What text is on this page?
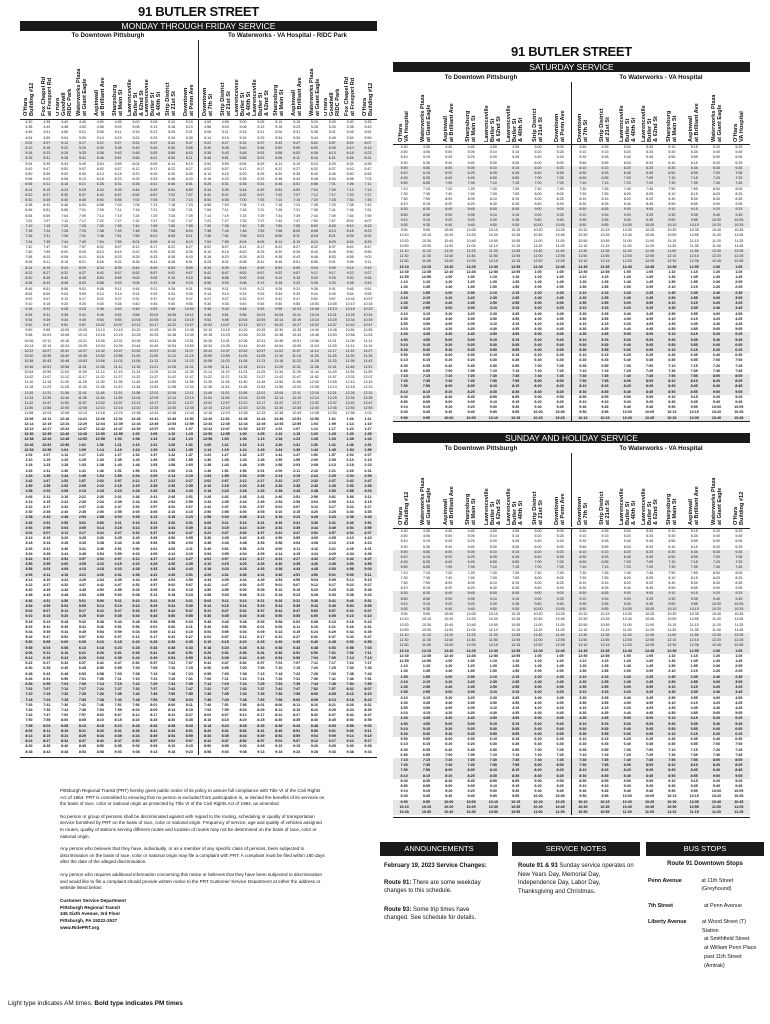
91 BUTLER STREET
MONDAY THROUGH FRIDAY SERVICE
To Downtown Pittsburgh	To Waterworks - VA Hospital - RIDC Park
O'Hara
Building #12
Fox Chapel Rd
at Freeport Rd
O'Hara
Goodwill
RIDC Park Waterworks Plaza
at Giant Eagle
Aspinwall
at Brilliant Ave
Sharpsburg
at Main St Lawrenceville
Butler St
& 62nd St Lawrenceville
Butler St
& 40th St
Strip District
at 21st St Downtown
at Penn Ave Downtown
at 7th St
Strip District
at 21st St Lawrenceville
Butler St
& 40th St Lawrenceville
Butler St
& 62nd St Sharpsburg
at Main St Aspinwall
at Brilliant Ave
Waterworks Plaza
at Giant Eagle
O'Hara
Goodwill
RIDC Park
Fox Chapel Rd
at Freeport Rd
O'Hara
Building #12
4:30	4:35	4:40	4:45	4:50	4:55	5:00	5:05	5:10	5:15	4:50	4:55	5:00	5:05	5:10	5:15	5:20	5:25	5:30	5:35
4:38	4:43	4:48	4:53	4:58	5:03	5:08	5:13	5:18	5:23	4:58	5:03	5:08	5:13	5:18	5:23	5:28	5:33	5:38	5:43
4:46	4:51	4:56	5:01	5:06	5:11	5:16	5:21	5:26	5:31	5:06	5:11	5:16	5:21	5:26	5:31	5:36	5:41	5:46	5:51
4:54	4:59	5:04	5:09	5:14	5:19	5:24	5:29	5:34	5:39	5:14	5:19	5:24	5:29	5:34	5:39	5:44	5:49	5:54	5:59
5:02	5:07	5:12	5:17	5:22	5:27	5:32	5:37	5:42	5:47	5:22	5:27	5:32	5:37	5:42	5:47	5:52	5:57	6:02	6:07
5:10	5:15	5:20	5:25	5:30	5:35	5:40	5:45	5:50	5:55	5:30	5:35	5:40	5:45	5:50	5:55	6:00	6:05	6:10	6:15
5:18	5:23	5:28	5:33	5:38	5:43	5:48	5:53	5:58	6:03	5:38	5:43	5:48	5:53	5:58	6:03	6:08	6:13	6:18	6:23
5:26	5:31	5:36	5:41	5:46	5:51	5:56	6:01	6:06	6:11	5:46	5:51	5:56	6:01	6:06	6:11	6:16	6:21	6:26	6:31
5:34	5:39	5:44	5:49	5:54	5:59	6:04	6:09	6:14	6:19	5:54	5:59	6:04	6:09	6:14	6:19	6:24	6:29	6:34	6:39
5:42	5:47	5:52	5:57	6:02	6:07	6:12	6:17	6:22	6:27	6:02	6:07	6:12	6:17	6:22	6:27	6:32	6:37	6:42	6:47
5:50	5:55	6:00	6:05	6:10	6:15	6:20	6:25	6:30	6:35	6:10	6:15	6:20	6:25	6:30	6:35	6:40	6:45	6:50	6:55
5:58	6:03	6:08	6:13	6:18	6:23	6:28	6:33	6:38	6:43	6:18	6:23	6:28	6:33	6:38	6:43	6:48	6:53	6:58	7:03
6:06	6:11	6:16	6:21	6:26	6:31	6:36	6:41	6:46	6:51	6:26	6:31	6:36	6:41	6:46	6:51	6:56	7:01	7:06	7:11
6:14	6:19	6:24	6:29	6:34	6:39	6:44	6:49	6:54	6:59	6:34	6:39	6:44	6:49	6:54	6:59	7:04	7:09	7:14	7:19
6:22	6:27	6:32	6:37	6:42	6:47	6:52	6:57	7:02	7:07	6:42	6:47	6:52	6:57	7:02	7:07	7:12	7:17	7:22	7:27
6:30	6:35	6:40	6:45	6:50	6:55	7:00	7:05	7:10	7:15	6:50	6:55	7:00	7:05	7:10	7:15	7:20	7:25	7:30	7:35
6:38	6:43	6:48	6:53	6:58	7:03	7:08	7:13	7:18	7:23	6:58	7:03	7:08	7:13	7:18	7:23	7:28	7:33	7:38	7:43
6:46	6:51	6:56	7:01	7:06	7:11	7:16	7:21	7:26	7:31	7:06	7:11	7:16	7:21	7:26	7:31	7:36	7:41	7:46	7:51
6:54	6:59	7:04	7:09	7:14	7:19	7:24	7:29	7:34	7:39	7:14	7:19	7:24	7:29	7:34	7:39	7:44	7:49	7:54	7:59
7:02	7:07	7:12	7:17	7:22	7:27	7:32	7:37	7:42	7:47	7:22	7:27	7:32	7:37	7:42	7:47	7:52	7:57	8:02	8:07
7:10	7:15	7:20	7:25	7:30	7:35	7:40	7:45	7:50	7:55	7:30	7:35	7:40	7:45	7:50	7:55	8:00	8:05	8:10	8:15
7:18	7:23	7:28	7:33	7:38	7:43	7:48	7:53	7:58	8:03	7:38	7:43	7:48	7:53	7:58	8:03	8:08	8:13	8:18	8:23
7:26	7:31	7:36	7:41	7:46	7:51	7:56	8:01	8:06	8:11	7:46	7:51	7:56	8:01	8:06	8:11	8:16	8:21	8:26	8:31
7:34	7:39	7:44	7:49	7:54	7:59	8:04	8:09	8:14	8:19	7:54	7:59	8:04	8:09	8:14	8:19	8:24	8:29	8:34	8:39
7:42	7:47	7:52	7:57	8:02	8:07	8:12	8:17	8:22	8:27	8:02	8:07	8:12	8:17	8:22	8:27	8:32	8:37	8:42	8:47
7:50	7:55	8:00	8:05	8:10	8:15	8:20	8:25	8:30	8:35	8:10	8:15	8:20	8:25	8:30	8:35	8:40	8:45	8:50	8:55
7:58	8:03	8:08	8:13	8:18	8:23	8:28	8:33	8:38	8:43	8:18	8:23	8:28	8:33	8:38	8:43	8:48	8:53	8:58	9:03
8:06	8:11	8:16	8:21	8:26	8:31	8:36	8:41	8:46	8:51	8:26	8:31	8:36	8:41	8:46	8:51	8:56	9:01	9:06	9:11
8:14	8:19	8:24	8:29	8:34	8:39	8:44	8:49	8:54	8:59	8:34	8:39	8:44	8:49	8:54	8:59	9:04	9:09	9:14	9:19
8:22	8:27	8:32	8:37	8:42	8:47	8:52	8:57	9:02	9:07	8:42	8:47	8:52	8:57	9:02	9:07	9:12	9:17	9:22	9:27
8:30	8:35	8:40	8:45	8:50	8:55	9:00	9:05	9:10	9:15	8:50	8:55	9:00	9:05	9:10	9:15	9:20	9:25	9:30	9:35
8:38	8:43	8:48	8:53	8:58	9:03	9:08	9:13	9:18	9:23	8:58	9:03	9:08	9:13	9:18	9:23	9:28	9:33	9:38	9:43
8:46	8:51	8:56	9:01	9:06	9:11	9:16	9:21	9:26	9:31	9:06	9:11	9:16	9:21	9:26	9:31	9:36	9:41	9:46	9:51
8:54	8:59	9:04	9:09	9:14	9:19	9:24	9:29	9:34	9:39	9:14	9:19	9:24	9:29	9:34	9:39	9:44	9:49	9:54	9:59
9:02	9:07	9:12	9:17	9:22	9:27	9:32	9:37	9:42	9:47	9:22	9:27	9:32	9:37	9:42	9:47	9:52	9:57	10:02	10:07
9:10	9:15	9:20	9:25	9:30	9:35	9:40	9:45	9:50	9:55	9:30	9:35	9:40	9:45	9:50	9:55	10:00	10:05	10:10	10:15
9:18	9:23	9:28	9:33	9:38	9:43	9:48	9:53	9:58	10:03	9:38	9:43	9:48	9:53	9:58	10:03	10:08	10:13	10:18	10:23
9:26	9:31	9:36	9:41	9:46	9:51	9:56	10:01	10:06	10:11	9:46	9:51	9:56	10:01	10:06	10:11	10:16	10:21	10:26	10:31
9:34	9:39	9:44	9:49	9:54	9:59	10:04	10:09	10:14	10:19	9:54	9:59	10:04	10:09	10:14	10:19	10:24	10:29	10:34	10:39
9:42	9:47	9:52	9:57	10:02	10:07	10:12	10:17	10:22	10:27	10:02	10:07	10:12	10:17	10:22	10:27	10:32	10:37	10:42	10:47
9:50	9:55	10:00	10:05	10:10	10:15	10:20	10:25	10:30	10:35	10:10	10:15	10:20	10:25	10:30	10:35	10:40	10:45	10:50	10:55
9:58	10:03	10:08	10:13	10:18	10:23	10:28	10:33	10:38	10:43	10:18	10:23	10:28	10:33	10:38	10:43	10:48	10:53	10:58	11:03
10:06	10:11	10:16	10:21	10:26	10:31	10:36	10:41	10:46	10:51	10:26	10:31	10:36	10:41	10:46	10:51	10:56	11:01	11:06	11:11
10:14	10:19	10:24	10:29	10:34	10:39	10:44	10:49	10:54	10:59	10:34	10:39	10:44	10:49	10:54	10:59	11:04	11:09	11:14	11:19
10:22	10:27	10:32	10:37	10:42	10:47	10:52	10:57	11:02	11:07	10:42	10:47	10:52	10:57	11:02	11:07	11:12	11:17	11:22	11:27
10:30	10:35	10:40	10:45	10:50	10:55	11:00	11:05	11:10	11:15	10:50	10:55	11:00	11:05	11:10	11:15	11:20	11:25	11:30	11:35
10:38	10:43	10:48	10:53	10:58	11:03	11:08	11:13	11:18	11:23	10:58	11:03	11:08	11:13	11:18	11:23	11:28	11:33	11:38	11:43
10:46	10:51	10:56	11:01	11:06	11:11	11:16	11:21	11:26	11:31	11:06	11:11	11:16	11:21	11:26	11:31	11:36	11:41	11:46	11:51
10:54	10:59	11:04	11:09	11:14	11:19	11:24	11:29	11:34	11:39	11:14	11:19	11:24	11:29	11:34	11:39	11:44	11:49	11:54	11:59
11:02	11:07	11:12	11:17	11:22	11:27	11:32	11:37	11:42	11:47	11:22	11:27	11:32	11:37	11:42	11:47	11:52	11:57	12:02	12:07
11:10	11:15	11:20	11:25	11:30	11:35	11:40	11:45	11:50	11:55	11:30	11:35	11:40	11:45	11:50	11:55	12:00	12:05	12:10	12:15
11:18	11:23	11:28	11:33	11:38	11:43	11:48	11:53	11:58	12:03	11:38	11:43	11:48	11:53	11:58	12:03	12:08	12:13	12:18	12:23
11:26	11:31	11:36	11:41	11:46	11:51	11:56	12:01	12:06	12:11	11:46	11:51	11:56	12:01	12:06	12:11	12:16	12:21	12:26	12:31
11:34	11:39	11:44	11:49	11:54	11:59	12:04	12:09	12:14	12:19	11:54	11:59	12:04	12:09	12:14	12:19	12:24	12:29	12:34	12:39
11:42	11:47	11:52	11:57	12:02	12:07	12:12	12:17	12:22	12:27	12:02	12:07	12:12	12:17	12:22	12:27	12:32	12:37	12:42	12:47
11:50	11:55	12:00	12:05	12:10	12:15	12:20	12:25	12:30	12:35	12:10	12:15	12:20	12:25	12:30	12:35	12:40	12:45	12:50	12:55
11:58	12:03	12:08	12:13	12:18	12:23	12:28	12:33	12:38	12:43	12:18	12:23	12:28	12:33	12:38	12:43	12:48	12:53	12:58	1:03
12:06	12:11	12:16	12:21	12:26	12:31	12:36	12:41	12:46	12:51	12:26	12:31	12:36	12:41	12:46	12:51	12:56	1:01	1:06	1:11
12:14	12:19	12:24	12:29	12:34	12:39	12:44	12:49	12:54	12:59	12:34	12:39	12:44	12:49	12:54	12:59	1:04	1:09	1:14	1:19
12:22	12:27	12:32	12:37	12:42	12:47	12:52	12:57	1:02	1:07	12:42	12:47	12:52	12:57	1:02	1:07	1:12	1:17	1:22	1:27
12:30	12:35	12:40	12:45	12:50	12:55	1:00	1:05	1:10	1:15	12:50	12:55	1:00	1:05	1:10	1:15	1:20	1:25	1:30	1:35
12:38	12:43	12:48	12:53	12:58	1:03	1:08	1:13	1:18	1:23	12:58	1:03	1:08	1:13	1:18	1:23	1:28	1:33	1:38	1:43
12:46	12:51	12:56	1:01	1:06	1:11	1:16	1:21	1:26	1:31	1:06	1:11	1:16	1:21	1:26	1:31	1:36	1:41	1:46	1:51
12:54	12:59	1:04	1:09	1:14	1:19	1:24	1:29	1:34	1:39	1:14	1:19	1:24	1:29	1:34	1:39	1:44	1:49	1:54	1:59
1:02	1:07	1:12	1:17	1:22	1:27	1:32	1:37	1:42	1:47	1:22	1:27	1:32	1:37	1:42	1:47	1:52	1:57	2:02	2:07
1:10	1:15	1:20	1:25	1:30	1:35	1:40	1:45	1:50	1:55	1:30	1:35	1:40	1:45	1:50	1:55	2:00	2:05	2:10	2:15
1:18	1:23	1:28	1:33	1:38	1:43	1:48	1:53	1:58	2:03	1:38	1:43	1:48	1:53	1:58	2:03	2:08	2:13	2:18	2:23
1:26	1:31	1:36	1:41	1:46	1:51	1:56	2:01	2:06	2:11	1:46	1:51	1:56	2:01	2:06	2:11	2:16	2:21	2:26	2:31
1:34	1:39	1:44	1:49	1:54	1:59	2:04	2:09	2:14	2:19	1:54	1:59	2:04	2:09	2:14	2:19	2:24	2:29	2:34	2:39
1:42	1:47	1:52	1:57	2:02	2:07	2:12	2:17	2:22	2:27	2:02	2:07	2:12	2:17	2:22	2:27	2:32	2:37	2:42	2:47
1:50	1:55	2:00	2:05	2:10	2:15	2:20	2:25	2:30	2:35	2:10	2:15	2:20	2:25	2:30	2:35	2:40	2:45	2:50	2:55
1:58	2:03	2:08	2:13	2:18	2:23	2:28	2:33	2:38	2:43	2:18	2:23	2:28	2:33	2:38	2:43	2:48	2:53	2:58	3:03
2:06	2:11	2:16	2:21	2:26	2:31	2:36	2:41	2:46	2:51	2:26	2:31	2:36	2:41	2:46	2:51	2:56	3:01	3:06	3:11
2:14	2:19	2:24	2:29	2:34	2:39	2:44	2:49	2:54	2:59	2:34	2:39	2:44	2:49	2:54	2:59	3:04	3:09	3:14	3:19
2:22	2:27	2:32	2:37	2:42	2:47	2:52	2:57	3:02	3:07	2:42	2:47	2:52	2:57	3:02	3:07	3:12	3:17	3:22	3:27
2:30	2:35	2:40	2:45	2:50	2:55	3:00	3:05	3:10	3:15	2:50	2:55	3:00	3:05	3:10	3:15	3:20	3:25	3:30	3:35
2:38	2:43	2:48	2:53	2:58	3:03	3:08	3:13	3:18	3:23	2:58	3:03	3:08	3:13	3:18	3:23	3:28	3:33	3:38	3:43
2:46	2:51	2:56	3:01	3:06	3:11	3:16	3:21	3:26	3:31	3:06	3:11	3:16	3:21	3:26	3:31	3:36	3:41	3:46	3:51
2:54	2:59	3:04	3:09	3:14	3:19	3:24	3:29	3:34	3:39	3:14	3:19	3:24	3:29	3:34	3:39	3:44	3:49	3:54	3:59
3:02	3:07	3:12	3:17	3:22	3:27	3:32	3:37	3:42	3:47	3:22	3:27	3:32	3:37	3:42	3:47	3:52	3:57	4:02	4:07
3:10	3:15	3:20	3:25	3:30	3:35	3:40	3:45	3:50	3:55	3:30	3:35	3:40	3:45	3:50	3:55	4:00	4:05	4:10	4:15
3:18	3:23	3:28	3:33	3:38	3:43	3:48	3:53	3:58	4:03	3:38	3:43	3:48	3:53	3:58	4:03	4:08	4:13	4:18	4:23
3:26	3:31	3:36	3:41	3:46	3:51	3:56	4:01	4:06	4:11	3:46	3:51	3:56	4:01	4:06	4:11	4:16	4:21	4:26	4:31
3:34	3:39	3:44	3:49	3:54	3:59	4:04	4:09	4:14	4:19	3:54	3:59	4:04	4:09	4:14	4:19	4:24	4:29	4:34	4:39
3:42	3:47	3:52	3:57	4:02	4:07	4:12	4:17	4:22	4:27	4:02	4:07	4:12	4:17	4:22	4:27	4:32	4:37	4:42	4:47
3:50	3:55	4:00	4:05	4:10	4:15	4:20	4:25	4:30	4:35	4:10	4:15	4:20	4:25	4:30	4:35	4:40	4:45	4:50	4:55
3:58	4:03	4:08	4:13	4:18	4:23	4:28	4:33	4:38	4:43	4:18	4:23	4:28	4:33	4:38	4:43	4:48	4:53	4:58	5:03
4:06	4:11	4:16	4:21	4:26	4:31	4:36	4:41	4:46	4:51	4:26	4:31	4:36	4:41	4:46	4:51	4:56	5:01	5:06	5:11
4:14	4:19	4:24	4:29	4:34	4:39	4:44	4:49	4:54	4:59	4:34	4:39	4:44	4:49	4:54	4:59	5:04	5:09	5:14	5:19
4:22	4:27	4:32	4:37	4:42	4:47	4:52	4:57	5:02	5:07	4:42	4:47	4:52	4:57	5:02	5:07	5:12	5:17	5:22	5:27
4:30	4:35	4:40	4:45	4:50	4:55	5:00	5:05	5:10	5:15	4:50	4:55	5:00	5:05	5:10	5:15	5:20	5:25	5:30	5:35
4:38	4:43	4:48	4:53	4:58	5:03	5:08	5:13	5:18	5:23	4:58	5:03	5:08	5:13	5:18	5:23	5:28	5:33	5:38	5:43
4:46	4:51	4:56	5:01	5:06	5:11	5:16	5:21	5:26	5:31	5:06	5:11	5:16	5:21	5:26	5:31	5:36	5:41	5:46	5:51
4:54	4:59	5:04	5:09	5:14	5:19	5:24	5:29	5:34	5:39	5:14	5:19	5:24	5:29	5:34	5:39	5:44	5:49	5:54	5:59
5:02	5:07	5:12	5:17	5:22	5:27	5:32	5:37	5:42	5:47	5:22	5:27	5:32	5:37	5:42	5:47	5:52	5:57	6:02	6:07
5:10	5:15	5:20	5:25	5:30	5:35	5:40	5:45	5:50	5:55	5:30	5:35	5:40	5:45	5:50	5:55	6:00	6:05	6:10	6:15
5:18	5:23	5:28	5:33	5:38	5:43	5:48	5:53	5:58	6:03	5:38	5:43	5:48	5:53	5:58	6:03	6:08	6:13	6:18	6:23
5:26	5:31	5:36	5:41	5:46	5:51	5:56	6:01	6:06	6:11	5:46	5:51	5:56	6:01	6:06	6:11	6:16	6:21	6:26	6:31
5:34	5:39	5:44	5:49	5:54	5:59	6:04	6:09	6:14	6:19	5:54	5:59	6:04	6:09	6:14	6:19	6:24	6:29	6:34	6:39
5:42	5:47	5:52	5:57	6:02	6:07	6:12	6:17	6:22	6:27	6:02	6:07	6:12	6:17	6:22	6:27	6:32	6:37	6:42	6:47
5:50	5:55	6:00	6:05	6:10	6:15	6:20	6:25	6:30	6:35	6:10	6:15	6:20	6:25	6:30	6:35	6:40	6:45	6:50	6:55
5:58	6:03	6:08	6:13	6:18	6:23	6:28	6:33	6:38	6:43	6:18	6:23	6:28	6:33	6:38	6:43	6:48	6:53	6:58	7:03
6:06	6:11	6:16	6:21	6:26	6:31	6:36	6:41	6:46	6:51	6:26	6:31	6:36	6:41	6:46	6:51	6:56	7:01	7:06	7:11
6:14	6:19	6:24	6:29	6:34	6:39	6:44	6:49	6:54	6:59	6:34	6:39	6:44	6:49	6:54	6:59	7:04	7:09	7:14	7:19
6:22	6:27	6:32	6:37	6:42	6:47	6:52	6:57	7:02	7:07	6:42	6:47	6:52	6:57	7:02	7:07	7:12	7:17	7:22	7:27
6:30	6:35	6:40	6:45	6:50	6:55	7:00	7:05	7:10	7:15	6:50	6:55	7:00	7:05	7:10	7:15	7:20	7:25	7:30	7:35
6:38	6:43	6:48	6:53	6:58	7:03	7:08	7:13	7:18	7:23	6:58	7:03	7:08	7:13	7:18	7:23	7:28	7:33	7:38	7:43
6:46	6:51	6:56	7:01	7:06	7:11	7:16	7:21	7:26	7:31	7:06	7:11	7:16	7:21	7:26	7:31	7:36	7:41	7:46	7:51
6:54	6:59	7:04	7:09	7:14	7:19	7:24	7:29	7:34	7:39	7:14	7:19	7:24	7:29	7:34	7:39	7:44	7:49	7:54	7:59
7:02	7:07	7:12	7:17	7:22	7:27	7:32	7:37	7:42	7:47	7:22	7:27	7:32	7:37	7:42	7:47	7:52	7:57	8:02	8:07
7:10	7:15	7:20	7:25	7:30	7:35	7:40	7:45	7:50	7:55	7:30	7:35	7:40	7:45	7:50	7:55	8:00	8:05	8:10	8:15
7:18	7:23	7:28	7:33	7:38	7:43	7:48	7:53	7:58	8:03	7:38	7:43	7:48	7:53	7:58	8:03	8:08	8:13	8:18	8:23
7:26	7:31	7:36	7:41	7:46	7:51	7:56	8:01	8:06	8:11	7:46	7:51	7:56	8:01	8:06	8:11	8:16	8:21	8:26	8:31
7:34	7:39	7:44	7:49	7:54	7:59	8:04	8:09	8:14	8:19	7:54	7:59	8:04	8:09	8:14	8:19	8:24	8:29	8:34	8:39
7:42	7:47	7:52	7:57	8:02	8:07	8:12	8:17	8:22	8:27	8:02	8:07	8:12	8:17	8:22	8:27	8:32	8:37	8:42	8:47
7:50	7:55	8:00	8:05	8:10	8:15	8:20	8:25	8:30	8:35	8:10	8:15	8:20	8:25	8:30	8:35	8:40	8:45	8:50	8:55
7:58	8:03	8:08	8:13	8:18	8:23	8:28	8:33	8:38	8:43	8:18	8:23	8:28	8:33	8:38	8:43	8:48	8:53	8:58	9:03
8:06	8:11	8:16	8:21	8:26	8:31	8:36	8:41	8:46	8:51	8:26	8:31	8:36	8:41	8:46	8:51	8:56	9:01	9:06	9:11
8:14	8:19	8:24	8:29	8:34	8:39	8:44	8:49	8:54	8:59	8:34	8:39	8:44	8:49	8:54	8:59	9:04	9:09	9:14	9:19
8:22	8:27	8:32	8:37	8:42	8:47	8:52	8:57	9:02	9:07	8:42	8:47	8:52	8:57	9:02	9:07	9:12	9:17	9:22	9:27
8:30	8:35	8:40	8:45	8:50	8:55	9:00	9:05	9:10	9:15	8:50	8:55	9:00	9:05	9:10	9:15	9:20	9:25	9:30	9:35
8:38	8:43	8:48	8:53	8:58	9:03	9:08	9:13	9:18	9:23	8:58	9:03	9:08	9:13	9:18	9:23	9:28	9:33	9:38	9:43
91 BUTLER STREET
SATURDAY SERVICE
To Downtown Pittsburgh	To Waterworks - VA Hospital
O'Hara
VA Hospital Waterworks Plaza
at Giant Eagle
Aspinwall
at Brilliant Ave
Sharpsburg
at Main St Lawrenceville
Butler St
& 62nd St Lawrenceville
Butler St
& 40th St
Strip District
at 21st St Downtown
at Penn Ave Downtown
at 7th St
Strip District
at 21st St Lawrenceville
Butler St
& 40th St Lawrenceville
Butler St
& 62nd St Sharpsburg
at Main St Aspinwall
at Brilliant Ave
Waterworks Plaza
at Giant Eagle
O'Hara
VA Hospital
4:30	4:35	4:40	4:45	4:50	4:55	5:00	5:05	4:50	4:55	5:00	5:05	5:10	5:15	5:20	5:25
4:50	4:55	5:00	5:05	5:10	5:15	5:20	5:25	5:10	5:15	5:20	5:25	5:30	5:35	5:40	5:45
5:10	5:15	5:20	5:25	5:30	5:35	5:40	5:45	5:30	5:35	5:40	5:45	5:50	5:55	6:00	6:05
5:30	5:35	5:40	5:45	5:50	5:55	6:00	6:05	5:50	5:55	6:00	6:05	6:10	6:15	6:20	6:25
5:50	5:55	6:00	6:05	6:10	6:15	6:20	6:25	6:10	6:15	6:20	6:25	6:30	6:35	6:40	6:45
6:10	6:15	6:20	6:25	6:30	6:35	6:40	6:45	6:30	6:35	6:40	6:45	6:50	6:55	7:00	7:05
6:30	6:35	6:40	6:45	6:50	6:55	7:00	7:05	6:50	6:55	7:00	7:05	7:10	7:15	7:20	7:25
6:50	6:55	7:00	7:05	7:10	7:15	7:20	7:25	7:10	7:15	7:20	7:25	7:30	7:35	7:40	7:45
7:10	7:15	7:20	7:25	7:30	7:35	7:40	7:45	7:30	7:35	7:40	7:45	7:50	7:55	8:00	8:05
7:30	7:35	7:40	7:45	7:50	7:55	8:00	8:05	7:50	7:55	8:00	8:05	8:10	8:15	8:20	8:25
7:50	7:55	8:00	8:05	8:10	8:15	8:20	8:25	8:10	8:15	8:20	8:25	8:30	8:35	8:40	8:45
8:10	8:15	8:20	8:25	8:30	8:35	8:40	8:45	8:30	8:35	8:40	8:45	8:50	8:55	9:00	9:05
8:30	8:35	8:40	8:45	8:50	8:55	9:00	9:05	8:50	8:55	9:00	9:05	9:10	9:15	9:20	9:25
8:50	8:55	9:00	9:05	9:10	9:15	9:20	9:25	9:10	9:15	9:20	9:25	9:30	9:35	9:40	9:45
9:10	9:15	9:20	9:25	9:30	9:35	9:40	9:45	9:30	9:35	9:40	9:45	9:50	9:55	10:00	10:05
9:30	9:35	9:40	9:45	9:50	9:55	10:00	10:05	9:50	9:55	10:00	10:05	10:10	10:15	10:20	10:25
9:50	9:55	10:00	10:05	10:10	10:15	10:20	10:25	10:10	10:15	10:20	10:25	10:30	10:35	10:40	10:45
10:10	10:15	10:20	10:25	10:30	10:35	10:40	10:45	10:30	10:35	10:40	10:45	10:50	10:55	11:00	11:05
10:30	10:35	10:40	10:45	10:50	10:55	11:00	11:05	10:50	10:55	11:00	11:05	11:10	11:15	11:20	11:25
10:50	10:55	11:00	11:05	11:10	11:15	11:20	11:25	11:10	11:15	11:20	11:25	11:30	11:35	11:40	11:45
11:10	11:15	11:20	11:25	11:30	11:35	11:40	11:45	11:30	11:35	11:40	11:45	11:50	11:55	12:00	12:05
11:30	11:35	11:40	11:45	11:50	11:55	12:00	12:05	11:50	11:55	12:00	12:05	12:10	12:15	12:20	12:25
11:50	11:55	12:00	12:05	12:10	12:15	12:20	12:25	12:10	12:15	12:20	12:25	12:30	12:35	12:40	12:45
12:10	12:15	12:20	12:25	12:30	12:35	12:40	12:45	12:30	12:35	12:40	12:45	12:50	12:55	1:00	1:05
12:30	12:35	12:40	12:45	12:50	12:55	1:00	1:05	12:50	12:55	1:00	1:05	1:10	1:15	1:20	1:25
12:50	12:55	1:00	1:05	1:10	1:15	1:20	1:25	1:10	1:15	1:20	1:25	1:30	1:35	1:40	1:45
1:10	1:15	1:20	1:25	1:30	1:35	1:40	1:45	1:30	1:35	1:40	1:45	1:50	1:55	2:00	2:05
1:30	1:35	1:40	1:45	1:50	1:55	2:00	2:05	1:50	1:55	2:00	2:05	2:10	2:15	2:20	2:25
1:50	1:55	2:00	2:05	2:10	2:15	2:20	2:25	2:10	2:15	2:20	2:25	2:30	2:35	2:40	2:45
2:10	2:15	2:20	2:25	2:30	2:35	2:40	2:45	2:30	2:35	2:40	2:45	2:50	2:55	3:00	3:05
2:30	2:35	2:40	2:45	2:50	2:55	3:00	3:05	2:50	2:55	3:00	3:05	3:10	3:15	3:20	3:25
2:50	2:55	3:00	3:05	3:10	3:15	3:20	3:25	3:10	3:15	3:20	3:25	3:30	3:35	3:40	3:45
3:10	3:15	3:20	3:25	3:30	3:35	3:40	3:45	3:30	3:35	3:40	3:45	3:50	3:55	4:00	4:05
3:30	3:35	3:40	3:45	3:50	3:55	4:00	4:05	3:50	3:55	4:00	4:05	4:10	4:15	4:20	4:25
3:50	3:55	4:00	4:05	4:10	4:15	4:20	4:25	4:10	4:15	4:20	4:25	4:30	4:35	4:40	4:45
4:10	4:15	4:20	4:25	4:30	4:35	4:40	4:45	4:30	4:35	4:40	4:45	4:50	4:55	5:00	5:05
4:30	4:35	4:40	4:45	4:50	4:55	5:00	5:05	4:50	4:55	5:00	5:05	5:10	5:15	5:20	5:25
4:50	4:55	5:00	5:05	5:10	5:15	5:20	5:25	5:10	5:15	5:20	5:25	5:30	5:35	5:40	5:45
5:10	5:15	5:20	5:25	5:30	5:35	5:40	5:45	5:30	5:35	5:40	5:45	5:50	5:55	6:00	6:05
5:30	5:35	5:40	5:45	5:50	5:55	6:00	6:05	5:50	5:55	6:00	6:05	6:10	6:15	6:20	6:25
5:50	5:55	6:00	6:05	6:10	6:15	6:20	6:25	6:10	6:15	6:20	6:25	6:30	6:35	6:40	6:45
6:10	6:15	6:20	6:25	6:30	6:35	6:40	6:45	6:30	6:35	6:40	6:45	6:50	6:55	7:00	7:05
6:30	6:35	6:40	6:45	6:50	6:55	7:00	7:05	6:50	6:55	7:00	7:05	7:10	7:15	7:20	7:25
6:50	6:55	7:00	7:05	7:10	7:15	7:20	7:25	7:10	7:15	7:20	7:25	7:30	7:35	7:40	7:45
7:10	7:15	7:20	7:25	7:30	7:35	7:40	7:45	7:30	7:35	7:40	7:45	7:50	7:55	8:00	8:05
7:30	7:35	7:40	7:45	7:50	7:55	8:00	8:05	7:50	7:55	8:00	8:05	8:10	8:15	8:20	8:25
7:50	7:55	8:00	8:05	8:10	8:15	8:20	8:25	8:10	8:15	8:20	8:25	8:30	8:35	8:40	8:45
8:10	8:15	8:20	8:25	8:30	8:35	8:40	8:45	8:30	8:35	8:40	8:45	8:50	8:55	9:00	9:05
8:30	8:35	8:40	8:45	8:50	8:55	9:00	9:05	8:50	8:55	9:00	9:05	9:10	9:15	9:20	9:25
8:50	8:55	9:00	9:05	9:10	9:15	9:20	9:25	9:10	9:15	9:20	9:25	9:30	9:35	9:40	9:45
9:10	9:15	9:20	9:25	9:30	9:35	9:40	9:45	9:30	9:35	9:40	9:45	9:50	9:55	10:00	10:05
9:30	9:35	9:40	9:45	9:50	9:55	10:00	10:05	9:50	9:55	10:00	10:05	10:10	10:15	10:20	10:25
9:50	9:55	10:00	10:05	10:10	10:15	10:20	10:25	10:10	10:15	10:20	10:25	10:30	10:35	10:40	10:45
SUNDAY AND HOLIDAY SERVICE
To Downtown Pittsburgh	To Waterworks - VA Hospital
O'Hara
Building #12 Waterworks Plaza
at Giant Eagle
Aspinwall
at Brilliant Ave
Sharpsburg
at Main St Lawrenceville
Butler St
& 62nd St Lawrenceville
Butler St
& 40th St
Strip District
at 21st St Downtown
at Penn Ave Downtown
at 7th St
Strip District
at 21st St Lawrenceville
Butler St
& 40th St Lawrenceville
Butler St
& 62nd St Sharpsburg
at Main St Aspinwall
at Brilliant Ave
Waterworks Plaza
at Giant Eagle
O'Hara
Building #12
4:30	4:35	4:40	4:45	4:50	4:55	5:00	5:05	4:50	4:55	5:00	5:05	5:10	5:15	5:20	5:25
4:50	4:55	5:00	5:05	5:10	5:15	5:20	5:25	5:10	5:15	5:20	5:25	5:30	5:35	5:40	5:45
5:10	5:15	5:20	5:25	5:30	5:35	5:40	5:45	5:30	5:35	5:40	5:45	5:50	5:55	6:00	6:05
5:30	5:35	5:40	5:45	5:50	5:55	6:00	6:05	5:50	5:55	6:00	6:05	6:10	6:15	6:20	6:25
5:50	5:55	6:00	6:05	6:10	6:15	6:20	6:25	6:10	6:15	6:20	6:25	6:30	6:35	6:40	6:45
6:10	6:15	6:20	6:25	6:30	6:35	6:40	6:45	6:30	6:35	6:40	6:45	6:50	6:55	7:00	7:05
6:30	6:35	6:40	6:45	6:50	6:55	7:00	7:05	6:50	6:55	7:00	7:05	7:10	7:15	7:20	7:25
6:50	6:55	7:00	7:05	7:10	7:15	7:20	7:25	7:10	7:15	7:20	7:25	7:30	7:35	7:40	7:45
7:10	7:15	7:20	7:25	7:30	7:35	7:40	7:45	7:30	7:35	7:40	7:45	7:50	7:55	8:00	8:05
7:30	7:35	7:40	7:45	7:50	7:55	8:00	8:05	7:50	7:55	8:00	8:05	8:10	8:15	8:20	8:25
7:50	7:55	8:00	8:05	8:10	8:15	8:20	8:25	8:10	8:15	8:20	8:25	8:30	8:35	8:40	8:45
8:10	8:15	8:20	8:25	8:30	8:35	8:40	8:45	8:30	8:35	8:40	8:45	8:50	8:55	9:00	9:05
8:30	8:35	8:40	8:45	8:50	8:55	9:00	9:05	8:50	8:55	9:00	9:05	9:10	9:15	9:20	9:25
8:50	8:55	9:00	9:05	9:10	9:15	9:20	9:25	9:10	9:15	9:20	9:25	9:30	9:35	9:40	9:45
9:10	9:15	9:20	9:25	9:30	9:35	9:40	9:45	9:30	9:35	9:40	9:45	9:50	9:55	10:00	10:05
9:30	9:35	9:40	9:45	9:50	9:55	10:00	10:05	9:50	9:55	10:00	10:05	10:10	10:15	10:20	10:25
9:50	9:55	10:00	10:05	10:10	10:15	10:20	10:25	10:10	10:15	10:20	10:25	10:30	10:35	10:40	10:45
10:10	10:15	10:20	10:25	10:30	10:35	10:40	10:45	10:30	10:35	10:40	10:45	10:50	10:55	11:00	11:05
10:30	10:35	10:40	10:45	10:50	10:55	11:00	11:05	10:50	10:55	11:00	11:05	11:10	11:15	11:20	11:25
10:50	10:55	11:00	11:05	11:10	11:15	11:20	11:25	11:10	11:15	11:20	11:25	11:30	11:35	11:40	11:45
11:10	11:15	11:20	11:25	11:30	11:35	11:40	11:45	11:30	11:35	11:40	11:45	11:50	11:55	12:00	12:05
11:30	11:35	11:40	11:45	11:50	11:55	12:00	12:05	11:50	11:55	12:00	12:05	12:10	12:15	12:20	12:25
11:50	11:55	12:00	12:05	12:10	12:15	12:20	12:25	12:10	12:15	12:20	12:25	12:30	12:35	12:40	12:45
12:10	12:15	12:20	12:25	12:30	12:35	12:40	12:45	12:30	12:35	12:40	12:45	12:50	12:55	1:00	1:05
12:30	12:35	12:40	12:45	12:50	12:55	1:00	1:05	12:50	12:55	1:00	1:05	1:10	1:15	1:20	1:25
12:50	12:55	1:00	1:05	1:10	1:15	1:20	1:25	1:10	1:15	1:20	1:25	1:30	1:35	1:40	1:45
1:10	1:15	1:20	1:25	1:30	1:35	1:40	1:45	1:30	1:35	1:40	1:45	1:50	1:55	2:00	2:05
1:30	1:35	1:40	1:45	1:50	1:55	2:00	2:05	1:50	1:55	2:00	2:05	2:10	2:15	2:20	2:25
1:50	1:55	2:00	2:05	2:10	2:15	2:20	2:25	2:10	2:15	2:20	2:25	2:30	2:35	2:40	2:45
2:10	2:15	2:20	2:25	2:30	2:35	2:40	2:45	2:30	2:35	2:40	2:45	2:50	2:55	3:00	3:05
2:30	2:35	2:40	2:45	2:50	2:55	3:00	3:05	2:50	2:55	3:00	3:05	3:10	3:15	3:20	3:25
2:50	2:55	3:00	3:05	3:10	3:15	3:20	3:25	3:10	3:15	3:20	3:25	3:30	3:35	3:40	3:45
3:10	3:15	3:20	3:25	3:30	3:35	3:40	3:45	3:30	3:35	3:40	3:45	3:50	3:55	4:00	4:05
3:30	3:35	3:40	3:45	3:50	3:55	4:00	4:05	3:50	3:55	4:00	4:05	4:10	4:15	4:20	4:25
3:50	3:55	4:00	4:05	4:10	4:15	4:20	4:25	4:10	4:15	4:20	4:25	4:30	4:35	4:40	4:45
4:10	4:15	4:20	4:25	4:30	4:35	4:40	4:45	4:30	4:35	4:40	4:45	4:50	4:55	5:00	5:05
4:30	4:35	4:40	4:45	4:50	4:55	5:00	5:05	4:50	4:55	5:00	5:05	5:10	5:15	5:20	5:25
4:50	4:55	5:00	5:05	5:10	5:15	5:20	5:25	5:10	5:15	5:20	5:25	5:30	5:35	5:40	5:45
5:10	5:15	5:20	5:25	5:30	5:35	5:40	5:45	5:30	5:35	5:40	5:45	5:50	5:55	6:00	6:05
5:30	5:35	5:40	5:45	5:50	5:55	6:00	6:05	5:50	5:55	6:00	6:05	6:10	6:15	6:20	6:25
5:50	5:55	6:00	6:05	6:10	6:15	6:20	6:25	6:10	6:15	6:20	6:25	6:30	6:35	6:40	6:45
6:10	6:15	6:20	6:25	6:30	6:35	6:40	6:45	6:30	6:35	6:40	6:45	6:50	6:55	7:00	7:05
6:30	6:35	6:40	6:45	6:50	6:55	7:00	7:05	6:50	6:55	7:00	7:05	7:10	7:15	7:20	7:25
6:50	6:55	7:00	7:05	7:10	7:15	7:20	7:25	7:10	7:15	7:20	7:25	7:30	7:35	7:40	7:45
7:10	7:15	7:20	7:25	7:30	7:35	7:40	7:45	7:30	7:35	7:40	7:45	7:50	7:55	8:00	8:05
7:30	7:35	7:40	7:45	7:50	7:55	8:00	8:05	7:50	7:55	8:00	8:05	8:10	8:15	8:20	8:25
7:50	7:55	8:00	8:05	8:10	8:15	8:20	8:25	8:10	8:15	8:20	8:25	8:30	8:35	8:40	8:45
8:10	8:15	8:20	8:25	8:30	8:35	8:40	8:45	8:30	8:35	8:40	8:45	8:50	8:55	9:00	9:05
8:30	8:35	8:40	8:45	8:50	8:55	9:00	9:05	8:50	8:55	9:00	9:05	9:10	9:15	9:20	9:25
8:50	8:55	9:00	9:05	9:10	9:15	9:20	9:25	9:10	9:15	9:20	9:25	9:30	9:35	9:40	9:45
9:10	9:15	9:20	9:25	9:30	9:35	9:40	9:45	9:30	9:35	9:40	9:45	9:50	9:55	10:00	10:05
9:30	9:35	9:40	9:45	9:50	9:55	10:00	10:05	9:50	9:55	10:00	10:05	10:10	10:15	10:20	10:25
9:50	9:55	10:00	10:05	10:10	10:15	10:20	10:25	10:10	10:15	10:20	10:25	10:30	10:35	10:40	10:45
10:10	10:15	10:20	10:25	10:30	10:35	10:40	10:45	10:30	10:35	10:40	10:45	10:50	10:55	11:00	11:05
10:30	10:35	10:40	10:45	10:50	10:55	11:00	11:05	10:50	10:55	11:00	11:05	11:10	11:15	11:20	11:25

Pittsburgh Regional Transit (PRT) hereby gives public notice of its policy to assure full compliance with Title VI of the Civil Rights Act of 1964. PRT is committed to ensuring that no person is excluded from participation in, or denied the benefits of its services on the basis of race, color or national origin as protected by Title VI of the Civil Rights Act of 1964, as amended.

No person or group of persons shall be discriminated against with regard to the routing, scheduling or quality of transportation service furnished by PRT on the basis of race, color or national origin. Frequency of service, age and quality of vehicles assigned to routes, quality of stations serving different routes and location of routes may not be determined on the basis of race, color or national origin.

Any person who believes that they have, individually, or as a member of any specific class of persons, been subjected to discrimination on the basis of race, color or national origin may file a complaint with PRT. A complaint must be filed within 180 days after the date of the alleged discrimination.

Any person who requires additional information concerning this notice or believes that they have been subjected to discrimination and would like to file a complaint should provide written notice to the PRT Customer Service Department at either the address or website listed below:

Customer Service Department
Pittsburgh Regional Transit
345 Sixth Avenue, 3rd Floor
Pittsburgh, PA 15222-2527
www.RidePRT.org
Light type indicates AM times. Bold type indicates PM times
ANNOUNCEMENTS
February 19, 2023 Service Changes:
Route 91: There are some weekday changes to this schedule.
Route 93: Some trip times have changed. See schedule for details.
SERVICE NOTES
Route 91 & 93 Sunday service operates on New Years Day, Memorial Day, Independence Day, Labor Day, Thanksgiving and Christmas.
BUS STOPS
Route 91 Downtown Stops
Penn Avenue	at 11th Street (Greyhound)
7th Street	at Penn Avenue
Liberty Avenue	at Wood Street (T) Station
at Smithfield Street
at William Penn Place
past 11th Street (Amtrak)
